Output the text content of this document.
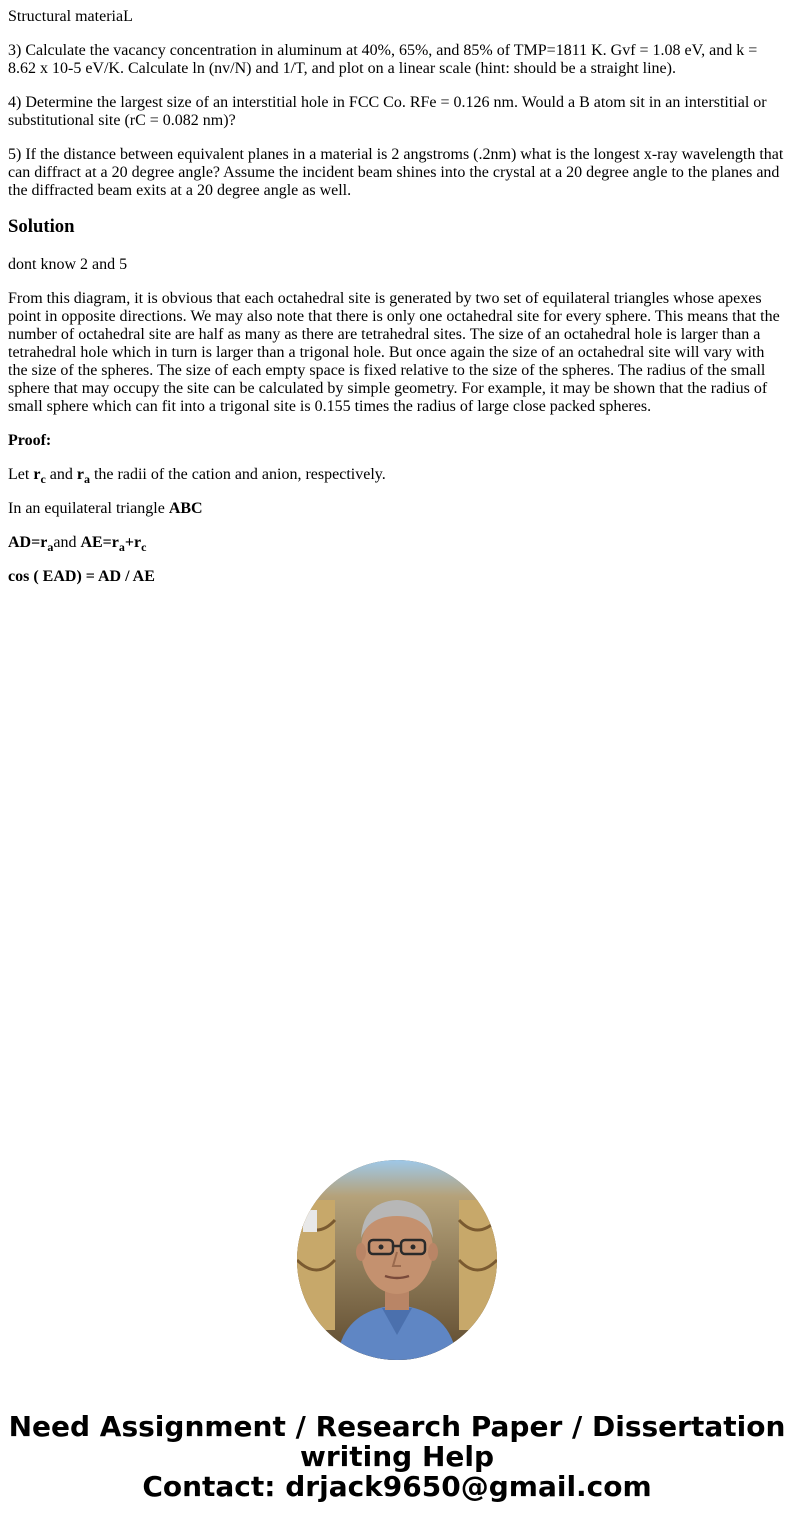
Structural materiaL

3) Calculate the vacancy concentration in aluminum at 40%, 65%, and 85% of TMP=1811 K. Gvf = 1.08 eV, and k = 8.62 x 10-5 eV/K. Calculate ln (nv/N) and 1/T, and plot on a linear scale (hint: should be a straight line).

4) Determine the largest size of an interstitial hole in FCC Co. RFe = 0.126 nm. Would a B atom sit in an interstitial or substitutional site (rC = 0.082 nm)?

5) If the distance between equivalent planes in a material is 2 angstroms (.2nm) what is the longest x-ray wavelength that can diffract at a 20 degree angle? Assume the incident beam shines into the crystal at a 20 degree angle to the planes and the diffracted beam exits at a 20 degree angle as well.

Solution

dont know 2 and 5

From this diagram, it is obvious that each octahedral site is generated by two set of equilateral triangles whose apexes point in opposite directions. We may also note that there is only one octahedral site for every sphere. This means that the number of octahedral site are half as many as there are tetrahedral sites. The size of an octahedral hole is larger than a tetrahedral hole which in turn is larger than a trigonal hole. But once again the size of an octahedral site will vary with the size of the spheres. The size of each empty space is fixed relative to the size of the spheres. The radius of the small sphere that may occupy the site can be calculated by simple geometry. For example, it may be shown that the radius of small sphere which can fit into a trigonal site is 0.155 times the radius of large close packed spheres.

Proof:

Let $r_c$ and $r_a$ the radii of the cation and anion, respectively.

In an equilateral triangle ABC

$AD=r_aand$ $AE=r_a+r_c$

cos ( EAD) = AD / AE

Need Assignment / Research Paper / Dissertation
writing Help
Contact: drjack9650@gmail.com
